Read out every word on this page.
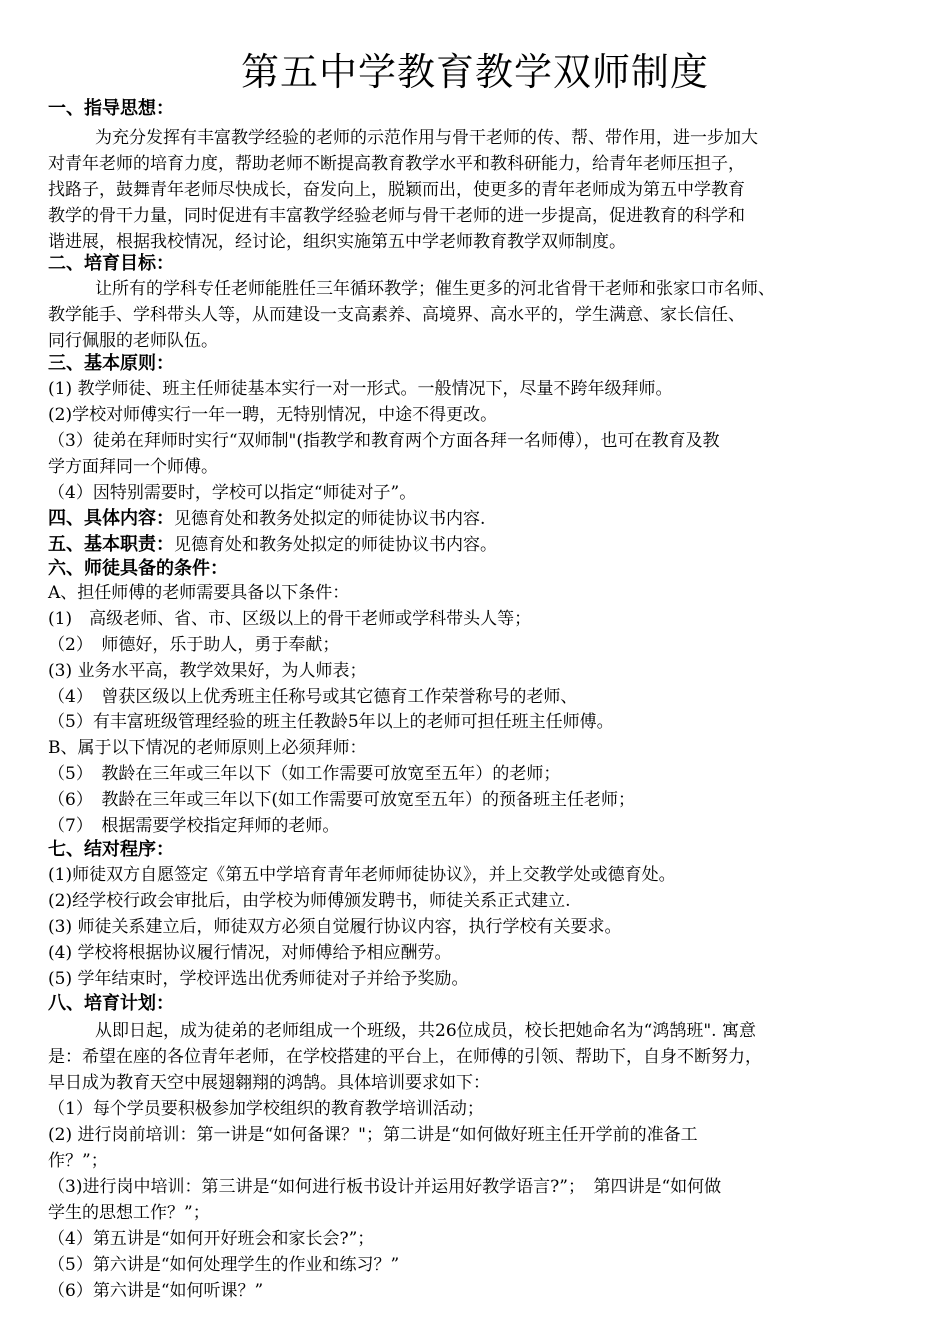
第五中学教育教学双师制度
一、指导思想：
为充分发挥有丰富教学经验的老师的示范作用与骨干老师的传、帮、带作用，进一步加大
对青年老师的培育力度，帮助老师不断提高教育教学水平和教科研能力，给青年老师压担子，
找路子，鼓舞青年老师尽快成长，奋发向上，脱颖而出，使更多的青年老师成为第五中学教育
教学的骨干力量，同时促进有丰富教学经验老师与骨干老师的进一步提高，促进教育的科学和
谐进展，根据我校情况，经讨论，组织实施第五中学老师教育教学双师制度。
二、培育目标：
让所有的学科专任老师能胜任三年循环教学；催生更多的河北省骨干老师和张家口市名师、
教学能手、学科带头人等，从而建设一支高素养、高境界、高水平的，学生满意、家长信任、
同行佩服的老师队伍。
三、基本原则：
(1) 教学师徒、班主任师徒基本实行一对一形式。一般情况下，尽量不跨年级拜师。
(2)学校对师傅实行一年一聘，无特别情况，中途不得更改。
（3）徒弟在拜师时实行“双师制"(指教学和教育两个方面各拜一名师傅），也可在教育及教
学方面拜同一个师傅。
（4）因特别需要时，学校可以指定“师徒对子”。
四、具体内容：见德育处和教务处拟定的师徒协议书内容.
五、基本职责：见德育处和教务处拟定的师徒协议书内容。
六、师徒具备的条件：
A、担任师傅的老师需要具备以下条件：
(1)　高级老师、省、市、区级以上的骨干老师或学科带头人等；
（2）　师德好，乐于助人，勇于奉献；
(3) 业务水平高，教学效果好，为人师表；
（4）　曾获区级以上优秀班主任称号或其它德育工作荣誉称号的老师、
（5）有丰富班级管理经验的班主任教龄5年以上的老师可担任班主任师傅。
B、属于以下情况的老师原则上必须拜师：
（5）　教龄在三年或三年以下（如工作需要可放宽至五年）的老师；
（6）　教龄在三年或三年以下(如工作需要可放宽至五年）的预备班主任老师；
（7）　根据需要学校指定拜师的老师。
七、结对程序：
(1)师徒双方自愿签定《第五中学培育青年老师师徒协议》，并上交教学处或德育处。
(2)经学校行政会审批后，由学校为师傅颁发聘书，师徒关系正式建立.
(3) 师徒关系建立后，师徒双方必须自觉履行协议内容，执行学校有关要求。
(4) 学校将根据协议履行情况，对师傅给予相应酬劳。
(5) 学年结束时，学校评选出优秀师徒对子并给予奖励。
八、培育计划：
从即日起，成为徒弟的老师组成一个班级，共26位成员，校长把她命名为“鸿鹄班". 寓意
是：希望在座的各位青年老师，在学校搭建的平台上，在师傅的引领、帮助下，自身不断努力，
早日成为教育天空中展翅翱翔的鸿鹄。具体培训要求如下：
（1）每个学员要积极参加学校组织的教育教学培训活动；
(2) 进行岗前培训：第一讲是“如何备课？"；第二讲是“如何做好班主任开学前的准备工
作？”；
（3)进行岗中培训：第三讲是“如何进行板书设计并运用好教学语言?”；　第四讲是“如何做
学生的思想工作？”；
（4）第五讲是“如何开好班会和家长会?”；
（5）第六讲是“如何处理学生的作业和练习？”
（6）第六讲是“如何听课？”
